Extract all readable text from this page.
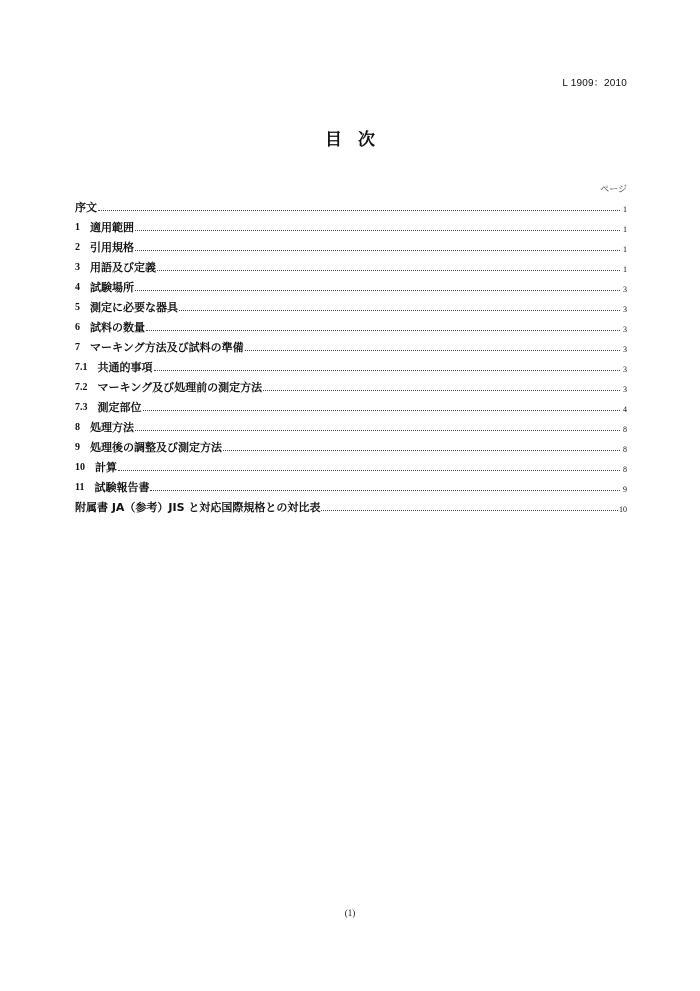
L 1909：2010
目 次
ページ
序文	1
1 適用範囲	1
2 引用規格	1
3 用語及び定義	1
4 試験場所	3
5 測定に必要な器具	3
6 試料の数量	3
7 マーキング方法及び試料の準備	3
7.1 共通的事項	3
7.2 マーキング及び処理前の測定方法	3
7.3 測定部位	4
8 処理方法	8
9 処理後の調整及び測定方法	8
10 計算	8
11 試験報告書	9
附属書 JA（参考）JIS と対応国際規格との対比表	10
(1)
